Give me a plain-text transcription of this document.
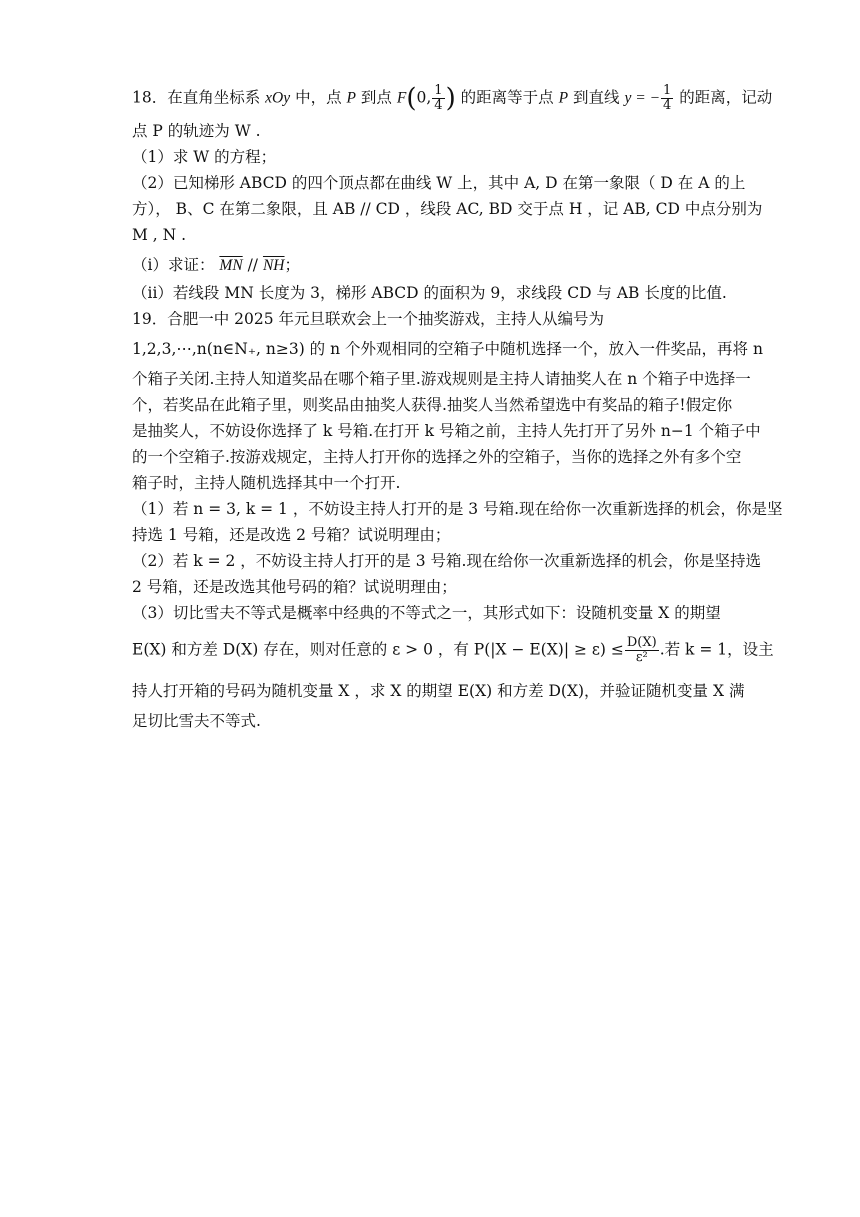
18．在直角坐标系 xOy 中，点 P 到点 F(0, $\frac{1}{4}$ ) 的距离等于点 P 到直线 y = − $\frac{1}{4}$ 的距离，记动
点 P 的轨迹为 W .
（1）求 W 的方程；
（2）已知梯形 ABCD 的四个顶点都在曲线 W 上，其中 A, D 在第一象限（ D 在 A 的上
方）， B、C 在第二象限，且 AB // CD ，线段 AC, BD 交于点 H ，记 AB, CD 中点分别为
M , N .
（i）求证： $\overline{MN} // \overline{NH}$；
（ii）若线段 MN 长度为 3，梯形 ABCD 的面积为 9，求线段 CD 与 AB 长度的比值.
19．合肥一中 2025 年元旦联欢会上一个抽奖游戏，主持人从编号为
1,2,3,⋯,n(n∈N₊, n≥3) 的 n 个外观相同的空箱子中随机选择一个，放入一件奖品，再将 n
个箱子关闭.主持人知道奖品在哪个箱子里.游戏规则是主持人请抽奖人在 n 个箱子中选择一
个，若奖品在此箱子里，则奖品由抽奖人获得.抽奖人当然希望选中有奖品的箱子!假定你
是抽奖人，不妨设你选择了 k 号箱.在打开 k 号箱之前，主持人先打开了另外 n−1 个箱子中
的一个空箱子.按游戏规定，主持人打开你的选择之外的空箱子，当你的选择之外有多个空
箱子时，主持人随机选择其中一个打开.
（1）若 n = 3, k = 1 ，不妨设主持人打开的是 3 号箱.现在给你一次重新选择的机会，你是坚
持选 1 号箱，还是改选 2 号箱？试说明理由；
（2）若 k = 2 ，不妨设主持人打开的是 3 号箱.现在给你一次重新选择的机会，你是坚持选
2 号箱，还是改选其他号码的箱？试说明理由；
（3）切比雪夫不等式是概率中经典的不等式之一，其形式如下：设随机变量 X 的期望
E(X) 和方差 D(X) 存在，则对任意的 ε > 0 ，有 $P(|X - E(X)| \ge \varepsilon) \le \frac{D(X)}{\text{ε²}}$ .若 k = 1，设主
持人打开箱的号码为随机变量 X ，求 X 的期望 E(X) 和方差 D(X)，并验证随机变量 X 满
足切比雪夫不等式.
